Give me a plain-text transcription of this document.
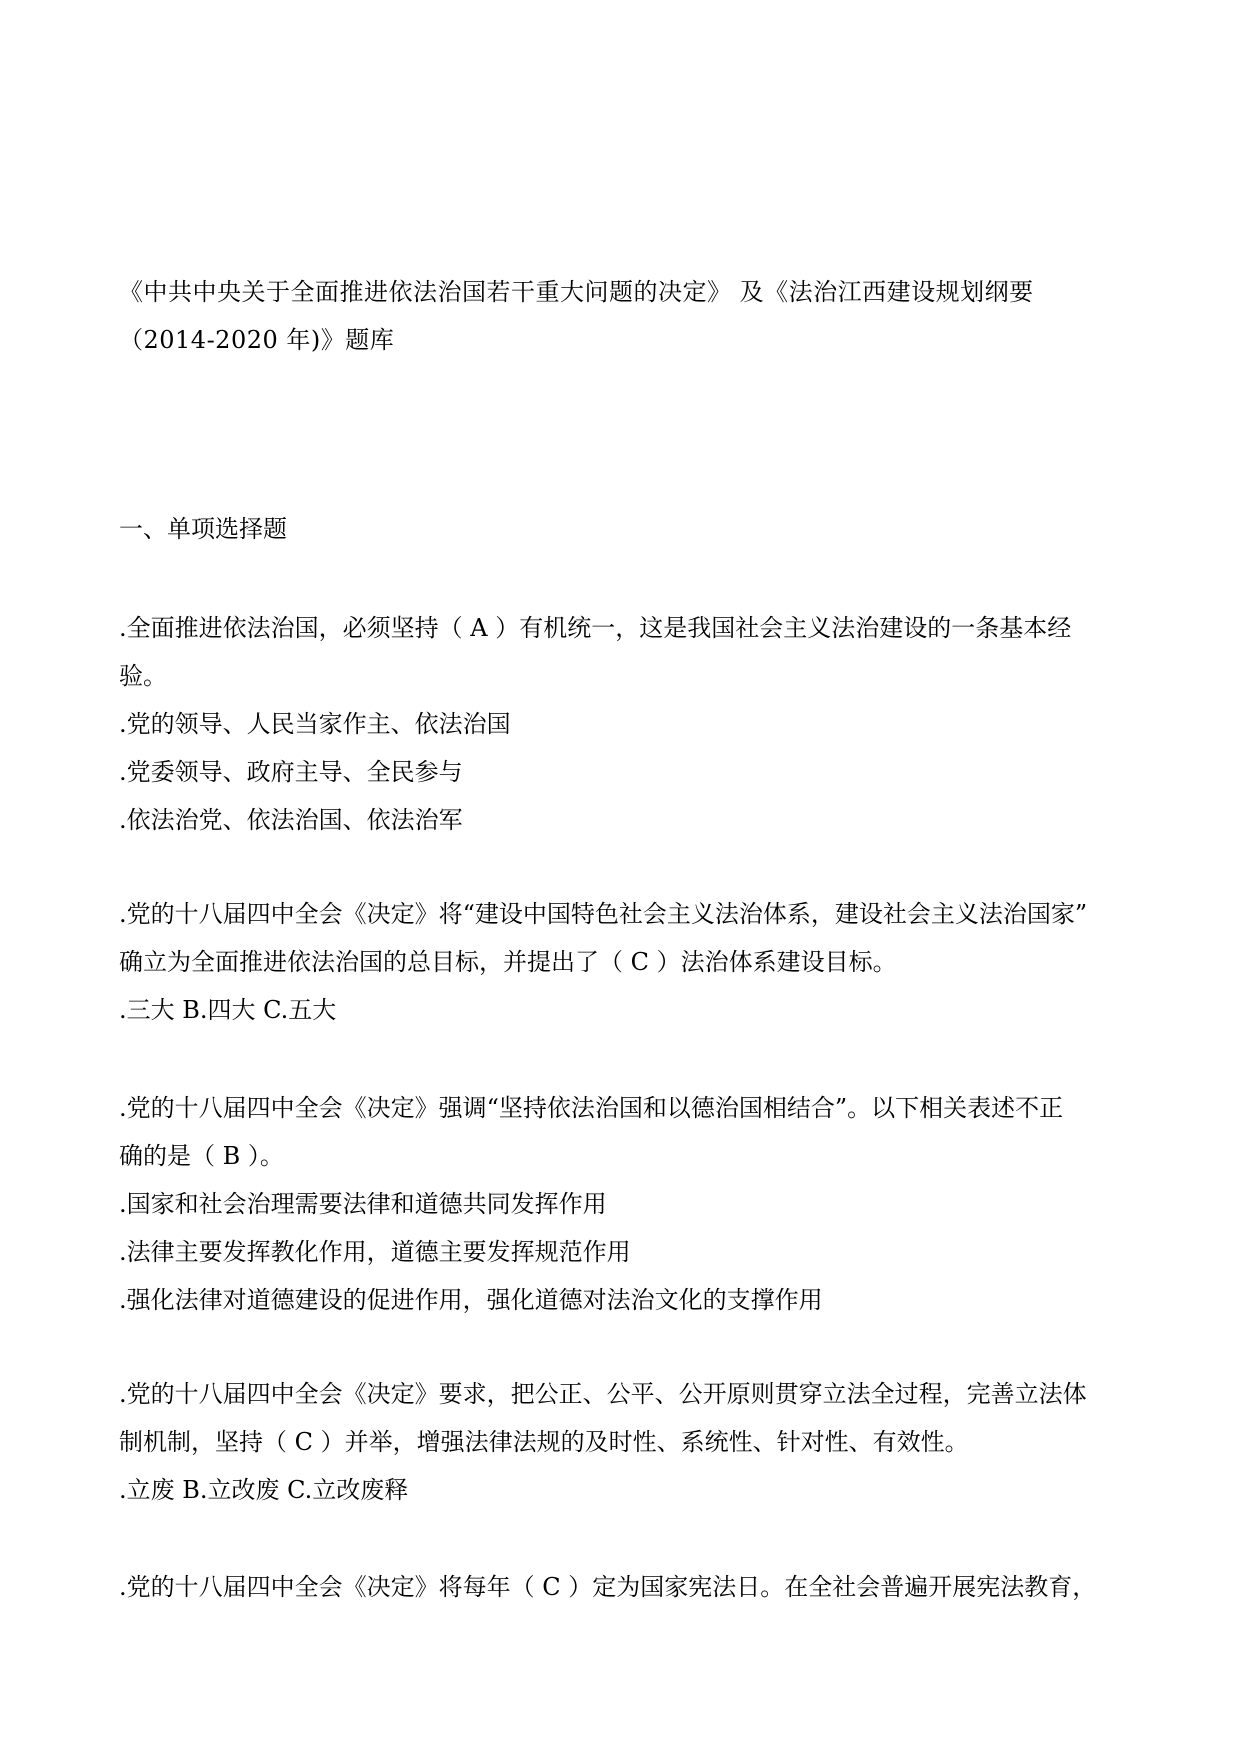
《中共中央关于全面推进依法治国若干重大问题的决定》 及《法治江西建设规划纲要
（2014-2020 年)》题库
一、单项选择题

.全面推进依法治国，必须坚持（ A ）有机统一，这是我国社会主义法治建设的一条基本经

验。

.党的领导、人民当家作主、依法治国

.党委领导、政府主导、全民参与

.依法治党、依法治国、依法治军

.党的十八届四中全会《决定》将“建设中国特色社会主义法治体系，建设社会主义法治国家”

确立为全面推进依法治国的总目标，并提出了（ C ）法治体系建设目标。

.三大 B.四大 C.五大

.党的十八届四中全会《决定》强调“坚持依法治国和以德治国相结合”。以下相关表述不正

确的是（ B ）。

.国家和社会治理需要法律和道德共同发挥作用

.法律主要发挥教化作用，道德主要发挥规范作用

.强化法律对道德建设的促进作用，强化道德对法治文化的支撑作用

.党的十八届四中全会《决定》要求，把公正、公平、公开原则贯穿立法全过程，完善立法体

制机制，坚持（ C ）并举，增强法律法规的及时性、系统性、针对性、有效性。

.立废 B.立改废 C.立改废释

.党的十八届四中全会《决定》将每年（ C ）定为国家宪法日。在全社会普遍开展宪法教育，
